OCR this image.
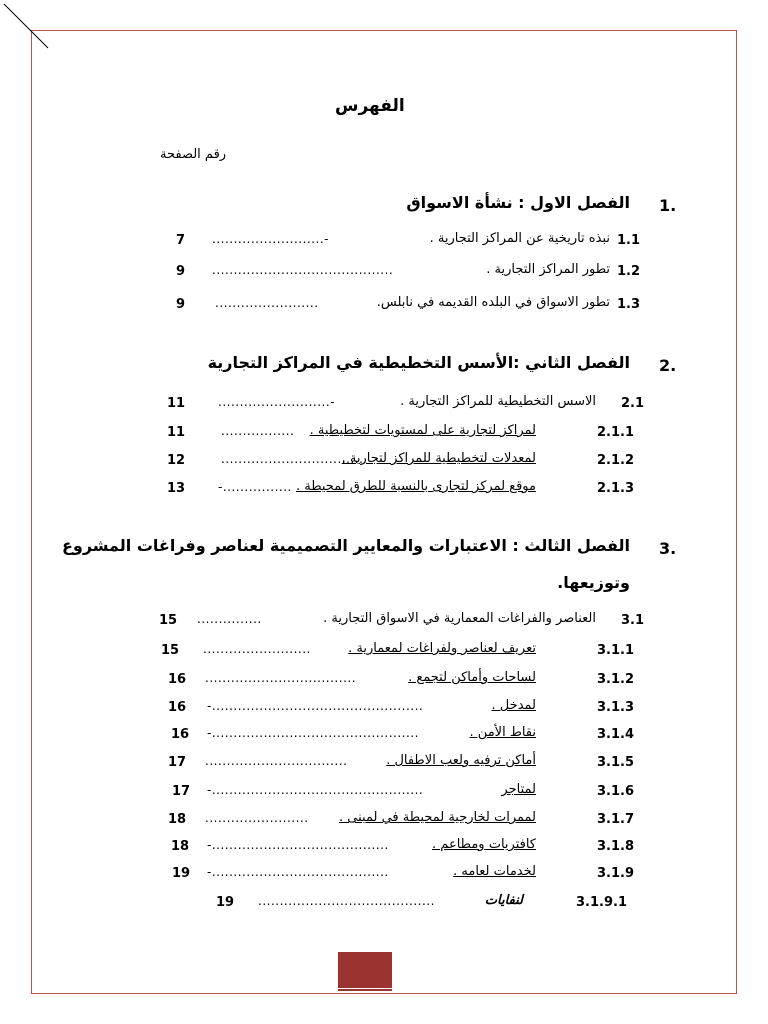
الفهرس
رقم الصفحة
1.
الفصل الاول : نشأة الاسواق
1.1
نبذه تاريخية عن المراكز التجارية .
..........................-
7
1.2
تطور المراكز التجارية .
..........................................
9
1.3
تطور الاسواق في البلده القديمه في نابلس.
........................
9
2.
الفصل الثاني :الأسس التخطيطية في المراكز التجارية
2.1
الاسس التخطيطية للمراكز التجارية .
..........................-
11
2.1.1
لمراكز لتجارية على لمستويات لتخطيطية .
.................
11
2.1.2
لمعدلات لتخطيطية للمراكز لتجارية .
.................................
12
2.1.3
موقع لمركز لتجارى بالنسبة للطرق لمحيطة .
-................
13
3.
الفصل الثالث : الاعتبارات والمعايير التصميمية لعناصر وفراغات المشروع
وتوزيعها.
3.1
العناصر والفراغات المعمارية في الاسواق التجارية .
...............
15
3.1.1
تعريف لعناصر ولفراغات لمعمارية .
.........................
15
3.1.2
لساحات وأماكن لتجمع .
...................................
16
3.1.3
لمدخل .
-.................................................
16
3.1.4
نقاط الأمن .
-................................................
16
3.1.5
أماكن ترفيه ولعب الاطفال .
.................................
17
3.1.6
لمتاجر
-.................................................
17
3.1.7
لممرات لخارجية لمحيطة في لمبنى .
........................
18
3.1.8
كافتريات ومطاعم .
-.........................................
18
3.1.9
لخدمات لعامه .
-.........................................
19
3.1.9.1
لنفايات
.........................................
19
